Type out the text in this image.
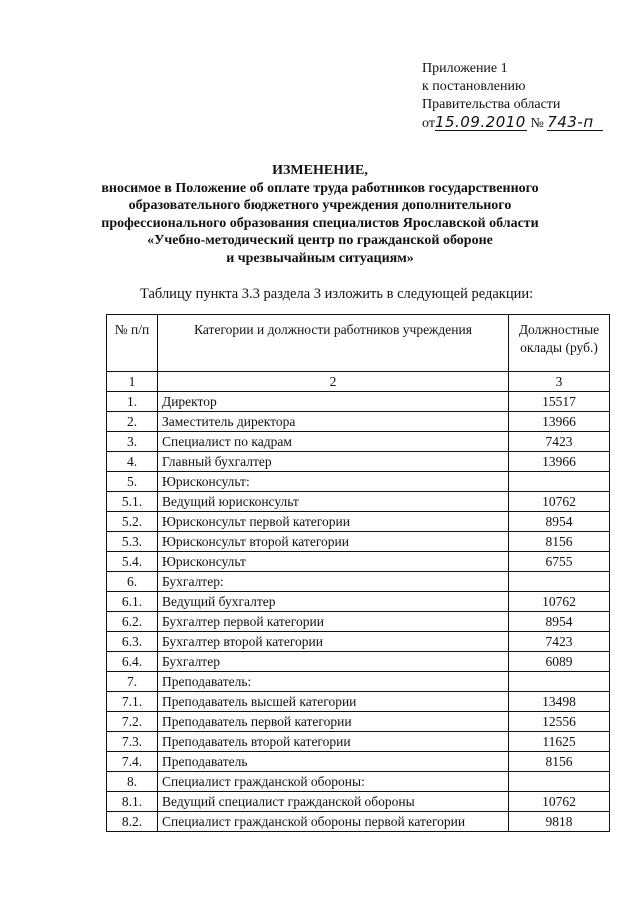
Приложение 1
к постановлению
Правительства области
от15.09.2010 № 743-п
ИЗМЕНЕНИЕ,
вносимое в Положение об оплате труда работников государственного
образовательного бюджетного учреждения дополнительного
профессионального образования специалистов Ярославской области
«Учебно-методический центр по гражданской обороне
и чрезвычайным ситуациям»
Таблицу пункта 3.3 раздела 3 изложить в следующей редакции:
№ п/п	Категории и должности работников учреждения	Должностные оклады (руб.)
1	2	3
1.	Директор	15517
2.	Заместитель директора	13966
3.	Специалист по кадрам	7423
4.	Главный бухгалтер	13966
5.	Юрисконсульт:	
5.1.	Ведущий юрисконсульт	10762
5.2.	Юрисконсульт первой категории	8954
5.3.	Юрисконсульт второй категории	8156
5.4.	Юрисконсульт	6755
6.	Бухгалтер:	
6.1.	Ведущий бухгалтер	10762
6.2.	Бухгалтер первой категории	8954
6.3.	Бухгалтер второй категории	7423
6.4.	Бухгалтер	6089
7.	Преподаватель:	
7.1.	Преподаватель высшей категории	13498
7.2.	Преподаватель первой категории	12556
7.3.	Преподаватель второй категории	11625
7.4.	Преподаватель	8156
8.	Специалист гражданской обороны:	
8.1.	Ведущий специалист гражданской обороны	10762
8.2.	Специалист гражданской обороны первой категории	9818
